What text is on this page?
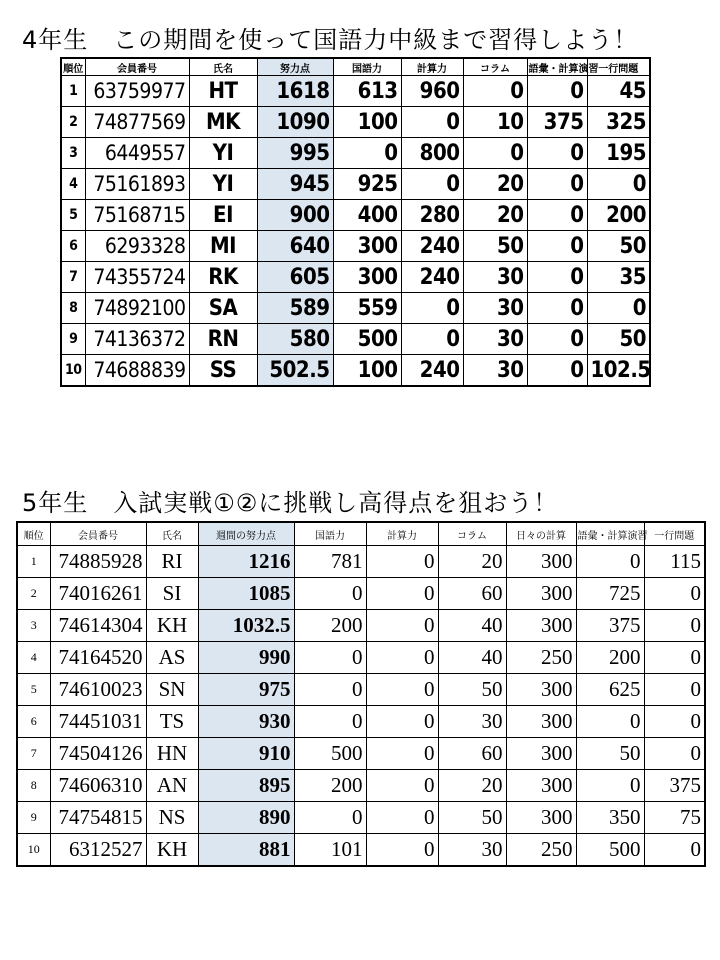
4年生　この期間を使って国語力中級まで習得しよう！
順位	会員番号	氏名	努力点	国語力	計算力	コラム	語彙・計算演習	一行問題
1	63759977	HT	1618	613	960	0	0	45
2	74877569	MK	1090	100	0	10	375	325
3	6449557	YI	995	0	800	0	0	195
4	75161893	YI	945	925	0	20	0	0
5	75168715	EI	900	400	280	20	0	200
6	6293328	MI	640	300	240	50	0	50
7	74355724	RK	605	300	240	30	0	35
8	74892100	SA	589	559	0	30	0	0
9	74136372	RN	580	500	0	30	0	50
10	74688839	SS	502.5	100	240	30	0	102.5
5年生　入試実戦①②に挑戦し高得点を狙おう！
順位	会員番号	氏名	週間の努力点	国語力	計算力	コラム	日々の計算	語彙・計算演習	一行問題
1	74885928	RI	1216	781	0	20	300	0	115
2	74016261	SI	1085	0	0	60	300	725	0
3	74614304	KH	1032.5	200	0	40	300	375	0
4	74164520	AS	990	0	0	40	250	200	0
5	74610023	SN	975	0	0	50	300	625	0
6	74451031	TS	930	0	0	30	300	0	0
7	74504126	HN	910	500	0	60	300	50	0
8	74606310	AN	895	200	0	20	300	0	375
9	74754815	NS	890	0	0	50	300	350	75
10	6312527	KH	881	101	0	30	250	500	0
